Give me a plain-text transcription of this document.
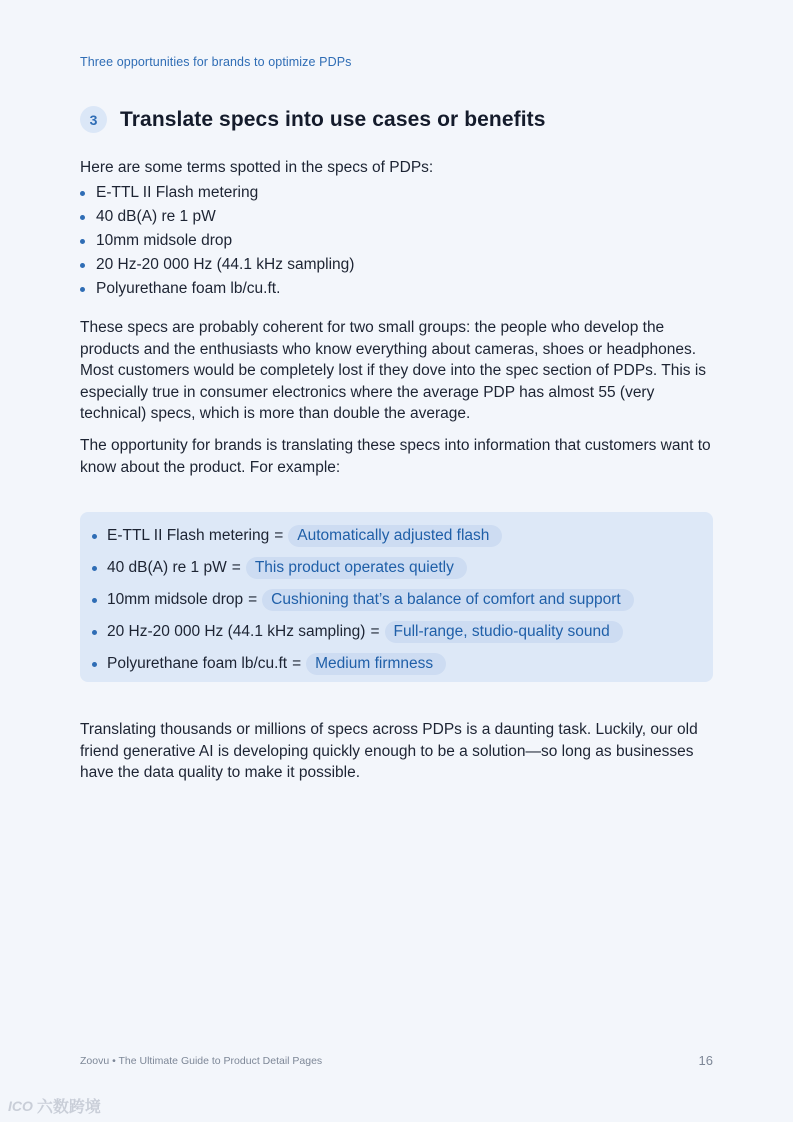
Three opportunities for brands to optimize PDPs
3	Translate specs into use cases or benefits

Here are some terms spotted in the specs of PDPs:

E-TTL II Flash metering
40 dB(A) re 1 pW
10mm midsole drop
20 Hz-20 000 Hz (44.1 kHz sampling)
Polyurethane foam lb/cu.ft.

These specs are probably coherent for two small groups: the people who develop the products and the enthusiasts who know everything about cameras, shoes or headphones. Most customers would be completely lost if they dove into the spec section of PDPs. This is especially true in consumer electronics where the average PDP has almost 55 (very technical) specs, which is more than double the average.

The opportunity for brands is translating these specs into information that customers want to know about the product. For example:

E-TTL II Flash metering = Automatically adjusted flash
40 dB(A) re 1 pW = This product operates quietly
10mm midsole drop = Cushioning that’s a balance of comfort and support
20 Hz-20 000 Hz (44.1 kHz sampling) = Full-range, studio-quality sound
Polyurethane foam lb/cu.ft = Medium firmness

Translating thousands or millions of specs across PDPs is a daunting task. Luckily, our old friend generative AI is developing quickly enough to be a solution—so long as businesses have the data quality to make it possible.

Zoovu • The Ultimate Guide to Product Detail Pages	16
ICO 六数跨境
